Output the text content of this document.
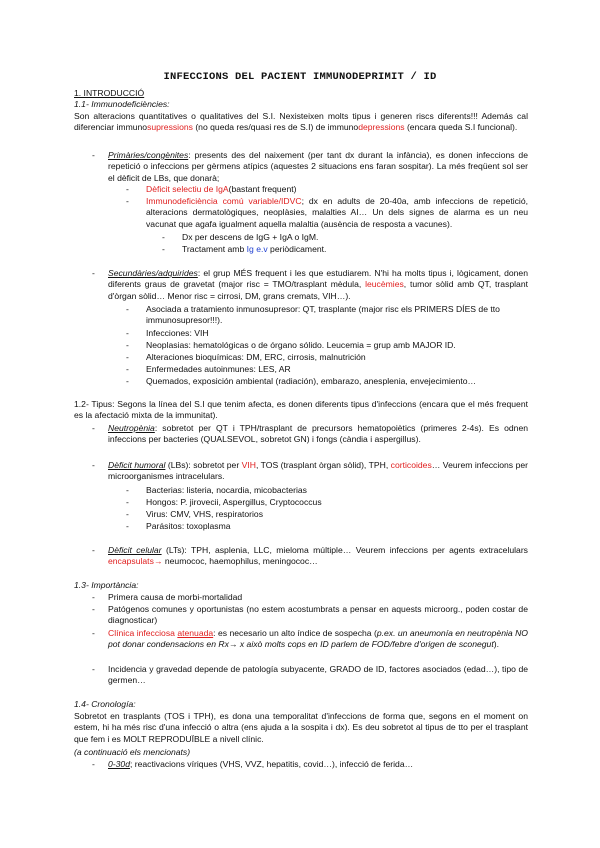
INFECCIONS DEL PACIENT IMMUNODEPRIMIT / ID
1. INTRODUCCIÓ
1.1- Immunodeficiències:
Son alteracions quantitatives o qualitatives del S.I. Nexisteixen molts tipus i generen riscs diferents!!! Además cal diferenciar immunosupressions (no queda res/quasi res de S.I) de immunodepressions (encara queda S.I funcional).
- Primàries/congènites: presents des del naixement (per tant dx durant la infància), es donen infeccions de repetició o infeccions per gèrmens atípics (aquestes 2 situacions ens faran sospitar). La més freqüent sol ser el dèficit de LBs, que donarà;
- Dèficit selectiu de IgA(bastant frequent)
- Immunodeficiència comú variable/IDVC; dx en adults de 20-40a, amb infeccions de repetició, alteracions dermatològiques, neoplàsies, malalties AI… Un dels signes de alarma es un neu vacunat que agafa igualment aquella malaltia (ausència de resposta a vacunes).
- Dx per descens de IgG + IgA o IgM.
- Tractament amb Ig e.v periòdicament.
- Secundàries/adquirides: el grup MÉS frequent i les que estudiarem. N'hi ha molts tipus i, lògicament, donen diferents graus de gravetat (major risc = TMO/trasplant mèdula, leucèmies, tumor sòlid amb QT, trasplant d'òrgan sòlid… Menor risc = cirrosi, DM, grans cremats, VIH…).
- Asociada a tratamiento inmunosupresor: QT, trasplante (major risc els PRIMERS DÍES de tto immunosupresor!!!).
- Infecciones: VIH
- Neoplasias: hematológicas o de órgano sólido. Leucemia = grup amb MAJOR ID.
- Alteraciones bioquímicas: DM, ERC, cirrosis, malnutrición
- Enfermedades autoinmunes: LES, AR
- Quemados, exposición ambiental (radiación), embarazo, anesplenia, envejecimiento…
1.2- Tipus: Segons la línea del S.I que tenim afecta, es donen diferents tipus d'infeccions (encara que el més frequent es la afectació mixta de la immunitat).
- Neutropènia: sobretot per QT i TPH/trasplant de precursors hematopoiètics (primeres 2-4s). Es odnen infeccions per bacteries (QUALSEVOL, sobretot GN) i fongs (càndia i aspergillus).
- Dèficit humoral (LBs): sobretot per VIH, TOS (trasplant òrgan sòlid), TPH, corticoides… Veurem infeccions per microorganismes intracelulars.
- Bacterias: listeria, nocardia, micobacterias
- Hongos: P. jirovecii, Aspergillus, Cryptococcus
- Virus: CMV, VHS, respiratorios
- Parásitos: toxoplasma
- Dèficit celular (LTs): TPH, asplenia, LLC, mieloma múltiple… Veurem infeccions per agents extracelulars encapsulats→ neumococ, haemophilus, meningococ…
1.3- Importància:
- Primera causa de morbi-mortalidad
- Patógenos comunes y oportunistas (no estem acostumbrats a pensar en aquests microorg., poden costar de diagnosticar)
- Clínica infecciosa atenuada: es necesario un alto índice de sospecha (p.ex. un aneumonía en neutropènia NO pot donar condensacions en Rx→ x això molts cops en ID parlem de FOD/febre d'origen de sconegut).
- Incidencia y gravedad depende de patología subyacente, GRADO de ID, factores asociados (edad…), tipo de germen…
1.4- Cronología:
Sobretot en trasplants (TOS i TPH), es dona una temporalitat d'infeccions de forma que, segons en el moment on estem, hi ha més risc d'una infecció o altra (ens ajuda a la sospita i dx). Es deu sobretot al tipus de tto per el trasplant que fem i es MOLT REPRODUÏBLE a nivell clínic.
(a continuació els mencionats)
- 0-30d; reactivacions víriques (VHS, VVZ, hepatitis, covid…), infecció de ferida…
